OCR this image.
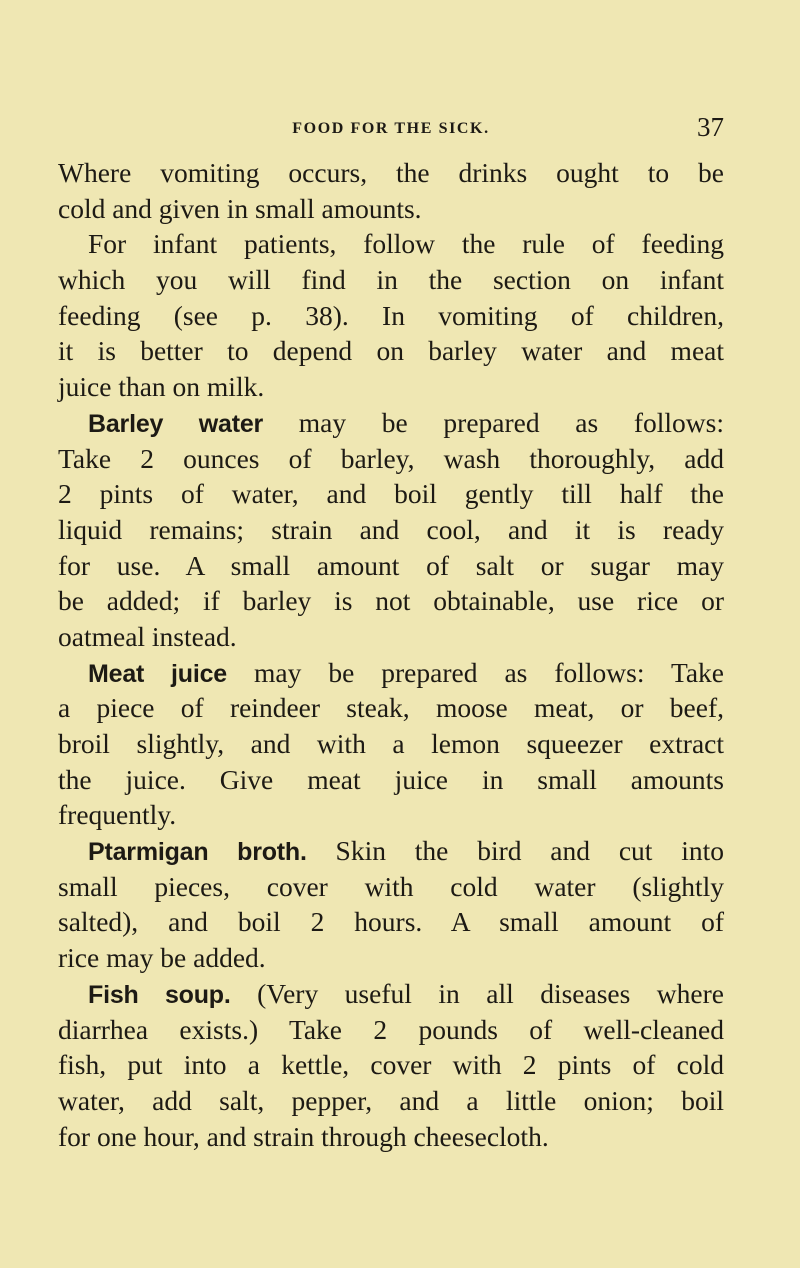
FOOD FOR THE SICK.	37
Where vomiting occurs, the drinks ought to be
cold and given in small amounts.
For infant patients, follow the rule of feeding
which you will find in the section on infant
feeding (see p. 38). In vomiting of children,
it is better to depend on barley water and meat
juice than on milk.
Barley water may be prepared as follows:
Take 2 ounces of barley, wash thoroughly, add
2 pints of water, and boil gently till half the
liquid remains; strain and cool, and it is ready
for use. A small amount of salt or sugar may
be added; if barley is not obtainable, use rice or
oatmeal instead.
Meat juice may be prepared as follows: Take
a piece of reindeer steak, moose meat, or beef,
broil slightly, and with a lemon squeezer extract
the juice. Give meat juice in small amounts
frequently.
Ptarmigan broth. Skin the bird and cut into
small pieces, cover with cold water (slightly
salted), and boil 2 hours. A small amount of
rice may be added.
Fish soup. (Very useful in all diseases where
diarrhea exists.) Take 2 pounds of well-cleaned
fish, put into a kettle, cover with 2 pints of cold
water, add salt, pepper, and a little onion; boil
for one hour, and strain through cheesecloth.
